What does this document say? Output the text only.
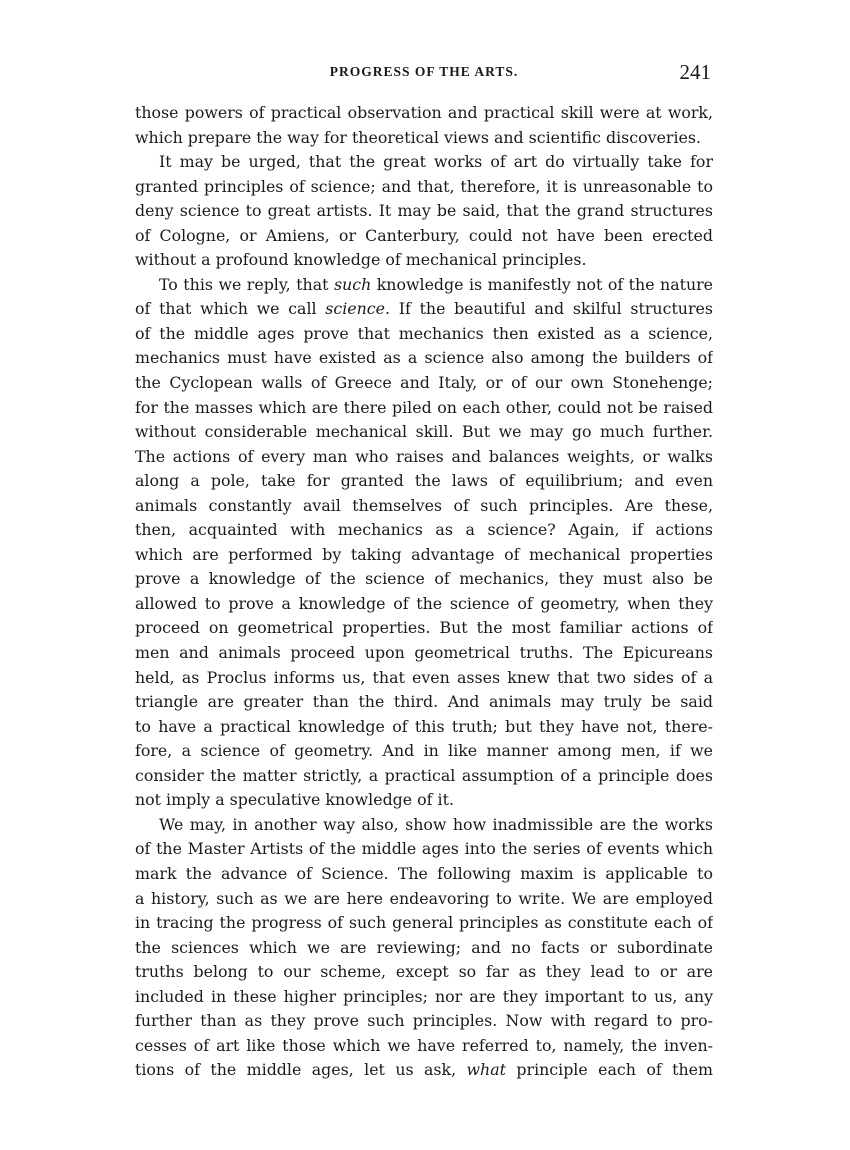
PROGRESS OF THE ARTS.	241
those powers of practical observation and practical skill were at work,
which prepare the way for theoretical views and scientific discoveries.
It may be urged, that the great works of art do virtually take for
granted principles of science; and that, therefore, it is unreasonable to
deny science to great artists. It may be said, that the grand structures
of Cologne, or Amiens, or Canterbury, could not have been erected
without a profound knowledge of mechanical principles.
To this we reply, that such knowledge is manifestly not of the nature
of that which we call science. If the beautiful and skilful structures
of the middle ages prove that mechanics then existed as a science,
mechanics must have existed as a science also among the builders of
the Cyclopean walls of Greece and Italy, or of our own Stonehenge;
for the masses which are there piled on each other, could not be raised
without considerable mechanical skill. But we may go much further.
The actions of every man who raises and balances weights, or walks
along a pole, take for granted the laws of equilibrium; and even
animals constantly avail themselves of such principles. Are these,
then, acquainted with mechanics as a science? Again, if actions
which are performed by taking advantage of mechanical properties
prove a knowledge of the science of mechanics, they must also be
allowed to prove a knowledge of the science of geometry, when they
proceed on geometrical properties. But the most familiar actions of
men and animals proceed upon geometrical truths. The Epicureans
held, as Proclus informs us, that even asses knew that two sides of a
triangle are greater than the third. And animals may truly be said
to have a practical knowledge of this truth; but they have not, there-
fore, a science of geometry. And in like manner among men, if we
consider the matter strictly, a practical assumption of a principle does
not imply a speculative knowledge of it.
We may, in another way also, show how inadmissible are the works
of the Master Artists of the middle ages into the series of events which
mark the advance of Science. The following maxim is applicable to
a history, such as we are here endeavoring to write. We are employed
in tracing the progress of such general principles as constitute each of
the sciences which we are reviewing; and no facts or subordinate
truths belong to our scheme, except so far as they lead to or are
included in these higher principles; nor are they important to us, any
further than as they prove such principles. Now with regard to pro-
cesses of art like those which we have referred to, namely, the inven-
tions of the middle ages, let us ask, what principle each of them
